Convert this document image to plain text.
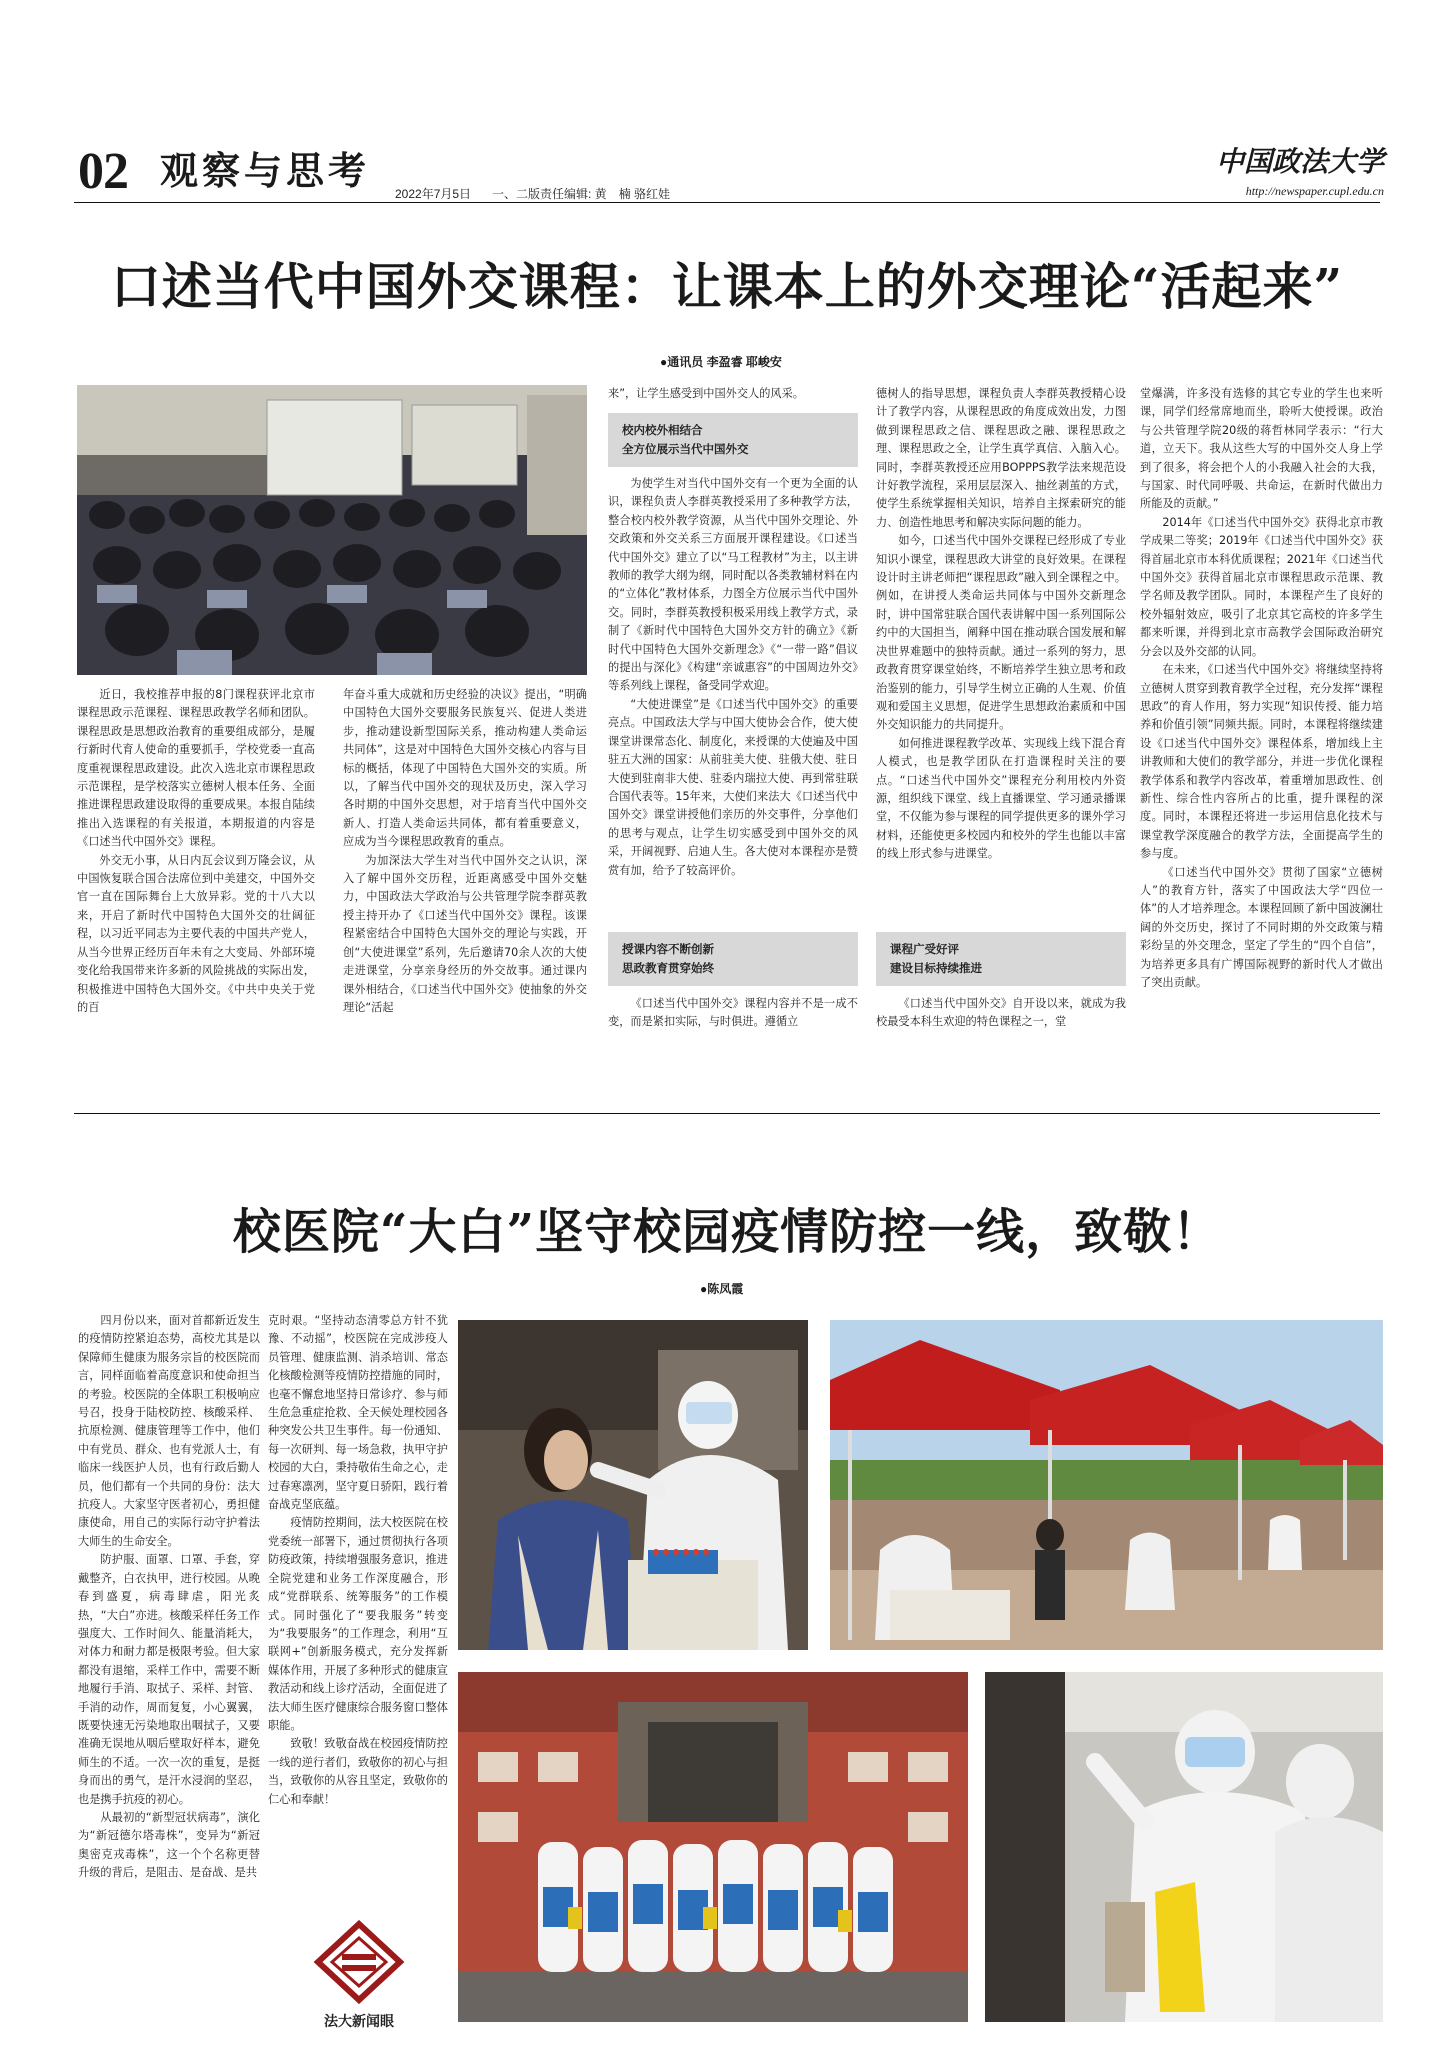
02 观察与思考
2022年7月5日 一、二版责任编辑: 黄　楠 骆红娃
中国政法大学
http://newspaper.cupl.edu.cn
口述当代中国外交课程：让课本上的外交理论“活起来”
●通讯员 李盈睿 耶峻安

近日，我校推荐申报的8门课程获评北京市课程思政示范课程、课程思政教学名师和团队。课程思政是思想政治教育的重要组成部分，是履行新时代育人使命的重要抓手，学校党委一直高度重视课程思政建设。此次入选北京市课程思政示范课程，是学校落实立德树人根本任务、全面推进课程思政建设取得的重要成果。本报自陆续推出入选课程的有关报道，本期报道的内容是《口述当代中国外交》课程。

外交无小事，从日内瓦会议到万隆会议，从中国恢复联合国合法席位到中美建交，中国外交官一直在国际舞台上大放异彩。党的十八大以来，开启了新时代中国特色大国外交的壮阔征程，以习近平同志为主要代表的中国共产党人，从当今世界正经历百年未有之大变局、外部环境变化给我国带来许多新的风险挑战的实际出发，积极推进中国特色大国外交。《中共中央关于党的百

年奋斗重大成就和历史经验的决议》提出，“明确中国特色大国外交要服务民族复兴、促进人类进步，推动建设新型国际关系，推动构建人类命运共同体”，这是对中国特色大国外交核心内容与目标的概括，体现了中国特色大国外交的实质。所以，了解当代中国外交的现状及历史，深入学习各时期的中国外交思想，对于培育当代中国外交新人、打造人类命运共同体，都有着重要意义，应成为当今课程思政教育的重点。

为加深法大学生对当代中国外交之认识，深入了解中国外交历程，近距离感受中国外交魅力，中国政法大学政治与公共管理学院李群英教授主持开办了《口述当代中国外交》课程。该课程紧密结合中国特色大国外交的理论与实践，开创“大使进课堂”系列，先后邀请70余人次的大使走进课堂，分享亲身经历的外交故事。通过课内课外相结合，《口述当代中国外交》使抽象的外交理论“活起

来”，让学生感受到中国外交人的风采。

校内校外相结合
全方位展示当代中国外交

为使学生对当代中国外交有一个更为全面的认识，课程负责人李群英教授采用了多种教学方法，整合校内校外教学资源，从当代中国外交理论、外交政策和外交关系三方面展开课程建设。《口述当代中国外交》建立了以“马工程教材”为主，以主讲教师的教学大纲为纲，同时配以各类教辅材料在内的“立体化”教材体系，力图全方位展示当代中国外交。同时，李群英教授积极采用线上教学方式，录制了《新时代中国特色大国外交方针的确立》《新时代中国特色大国外交新理念》《“一带一路”倡议的提出与深化》《构建“亲诚惠容”的中国周边外交》等系列线上课程，备受同学欢迎。

“大使进课堂”是《口述当代中国外交》的重要亮点。中国政法大学与中国大使协会合作，使大使课堂讲课常态化、制度化，来授课的大使遍及中国驻五大洲的国家：从前驻美大使、驻俄大使、驻日大使到驻南非大使、驻委内瑞拉大使、再到常驻联合国代表等。15年来，大使们来法大《口述当代中国外交》课堂讲授他们亲历的外交事件，分享他们的思考与观点，让学生切实感受到中国外交的风采，开阔视野、启迪人生。各大使对本课程亦是赞赏有加，给予了较高评价。

授课内容不断创新
思政教育贯穿始终

《口述当代中国外交》课程内容并不是一成不变，而是紧扣实际，与时俱进。遵循立

德树人的指导思想，课程负责人李群英教授精心设计了教学内容，从课程思政的角度成效出发，力图做到课程思政之信、课程思政之融、课程思政之理、课程思政之全，让学生真学真信、入脑入心。同时，李群英教授还应用BOPPPS教学法来规范设计好教学流程，采用层层深入、抽丝剥茧的方式，使学生系统掌握相关知识，培养自主探索研究的能力、创造性地思考和解决实际问题的能力。

如今，口述当代中国外交课程已经形成了专业知识小课堂，课程思政大讲堂的良好效果。在课程设计时主讲老师把“课程思政”融入到全课程之中。例如，在讲授人类命运共同体与中国外交新理念时，讲中国常驻联合国代表讲解中国一系列国际公约中的大国担当，阐释中国在推动联合国发展和解决世界难题中的独特贡献。通过一系列的努力，思政教育贯穿课堂始终，不断培养学生独立思考和政治鉴别的能力，引导学生树立正确的人生观、价值观和爱国主义思想，促进学生思想政治素质和中国外交知识能力的共同提升。

如何推进课程教学改革、实现线上线下混合育人模式，也是教学团队在打造课程时关注的要点。“口述当代中国外交”课程充分利用校内外资源，组织线下课堂、线上直播课堂、学习通录播课堂，不仅能为参与课程的同学提供更多的课外学习材料，还能使更多校园内和校外的学生也能以丰富的线上形式参与进课堂。

课程广受好评
建设目标持续推进

《口述当代中国外交》自开设以来，就成为我校最受本科生欢迎的特色课程之一，堂

堂爆满，许多没有选修的其它专业的学生也来听课，同学们经常席地而坐，聆听大使授课。政治与公共管理学院20级的蒋哲林同学表示：“行大道，立天下。我从这些大写的中国外交人身上学到了很多，将会把个人的小我融入社会的大我，与国家、时代同呼吸、共命运，在新时代做出力所能及的贡献。”

2014年《口述当代中国外交》获得北京市教学成果二等奖；2019年《口述当代中国外交》获得首届北京市本科优质课程；2021年《口述当代中国外交》获得首届北京市课程思政示范课、教学名师及教学团队。同时，本课程产生了良好的校外辐射效应，吸引了北京其它高校的许多学生都来听课，并得到北京市高教学会国际政治研究分会以及外交部的认同。

在未来，《口述当代中国外交》将继续坚持将立德树人贯穿到教育教学全过程，充分发挥“课程思政”的育人作用，努力实现“知识传授、能力培养和价值引领”同频共振。同时，本课程将继续建设《口述当代中国外交》课程体系，增加线上主讲教师和大使们的教学部分，并进一步优化课程教学体系和教学内容改革，着重增加思政性、创新性、综合性内容所占的比重，提升课程的深度。同时，本课程还将进一步运用信息化技术与课堂教学深度融合的教学方法，全面提高学生的参与度。

《口述当代中国外交》贯彻了国家“立德树人”的教育方针，落实了中国政法大学“四位一体”的人才培养理念。本课程回顾了新中国波澜壮阔的外交历史，探讨了不同时期的外交政策与精彩纷呈的外交理念，坚定了学生的“四个自信”，为培养更多具有广博国际视野的新时代人才做出了突出贡献。

校医院“大白”坚守校园疫情防控一线，致敬！
●陈凤霞

四月份以来，面对首都新近发生的疫情防控紧迫态势，高校尤其是以保障师生健康为服务宗旨的校医院而言，同样面临着高度意识和使命担当的考验。校医院的全体职工积极响应号召，投身于陆校防控、核酸采样、抗原检测、健康管理等工作中，他们中有党员、群众、也有党派人士，有临床一线医护人员，也有行政后勤人员，他们都有一个共同的身份：法大抗疫人。大家坚守医者初心，勇担健康使命，用自己的实际行动守护着法大师生的生命安全。

防护服、面罩、口罩、手套，穿戴整齐，白衣执甲，进行校园。从晚春到盛夏，病毒肆虐，阳光炙热，“大白”亦进。核酸采样任务工作强度大、工作时间久、能量消耗大，对体力和耐力都是极限考验。但大家都没有退缩，采样工作中，需要不断地履行手消、取拭子、采样、封管、手消的动作，周而复复，小心翼翼，既要快速无污染地取出咽拭子，又要准确无误地从咽后壁取好样本，避免师生的不适。一次一次的重复，是挺身而出的勇气，是汗水浸润的坚忍，也是携手抗疫的初心。

从最初的“新型冠状病毒”，演化为“新冠德尔塔毒株”，变异为“新冠奥密克戎毒株”，这一个个名称更替升级的背后，是阻击、是奋战、是共

克时艰。“坚持动态清零总方针不犹豫、不动摇”，校医院在完成涉疫人员管理、健康监测、消杀培训、常态化核酸检测等疫情防控措施的同时，也毫不懈怠地坚持日常诊疗、参与师生危急重症抢救、全天候处理校园各种突发公共卫生事件。每一份通知、每一次研判、每一场急救，执甲守护校园的大白，秉持敬佑生命之心，走过春寒凛冽，坚守夏日骄阳，践行着奋战克坚底蕴。

疫情防控期间，法大校医院在校党委统一部署下，通过贯彻执行各项防疫政策，持续增强服务意识，推进全院党建和业务工作深度融合，形成“党群联系、统筹服务”的工作模式。同时强化了“要我服务”转变为“我要服务”的工作理念，利用“互联网+”创新服务模式，充分发挥新媒体作用，开展了多种形式的健康宣教活动和线上诊疗活动，全面促进了法大师生医疗健康综合服务窗口整体职能。

致敬！致敬奋战在校园疫情防控一线的逆行者们，致敬你的初心与担当，致敬你的从容且坚定，致敬你的仁心和奉献！

法大新闻眼
